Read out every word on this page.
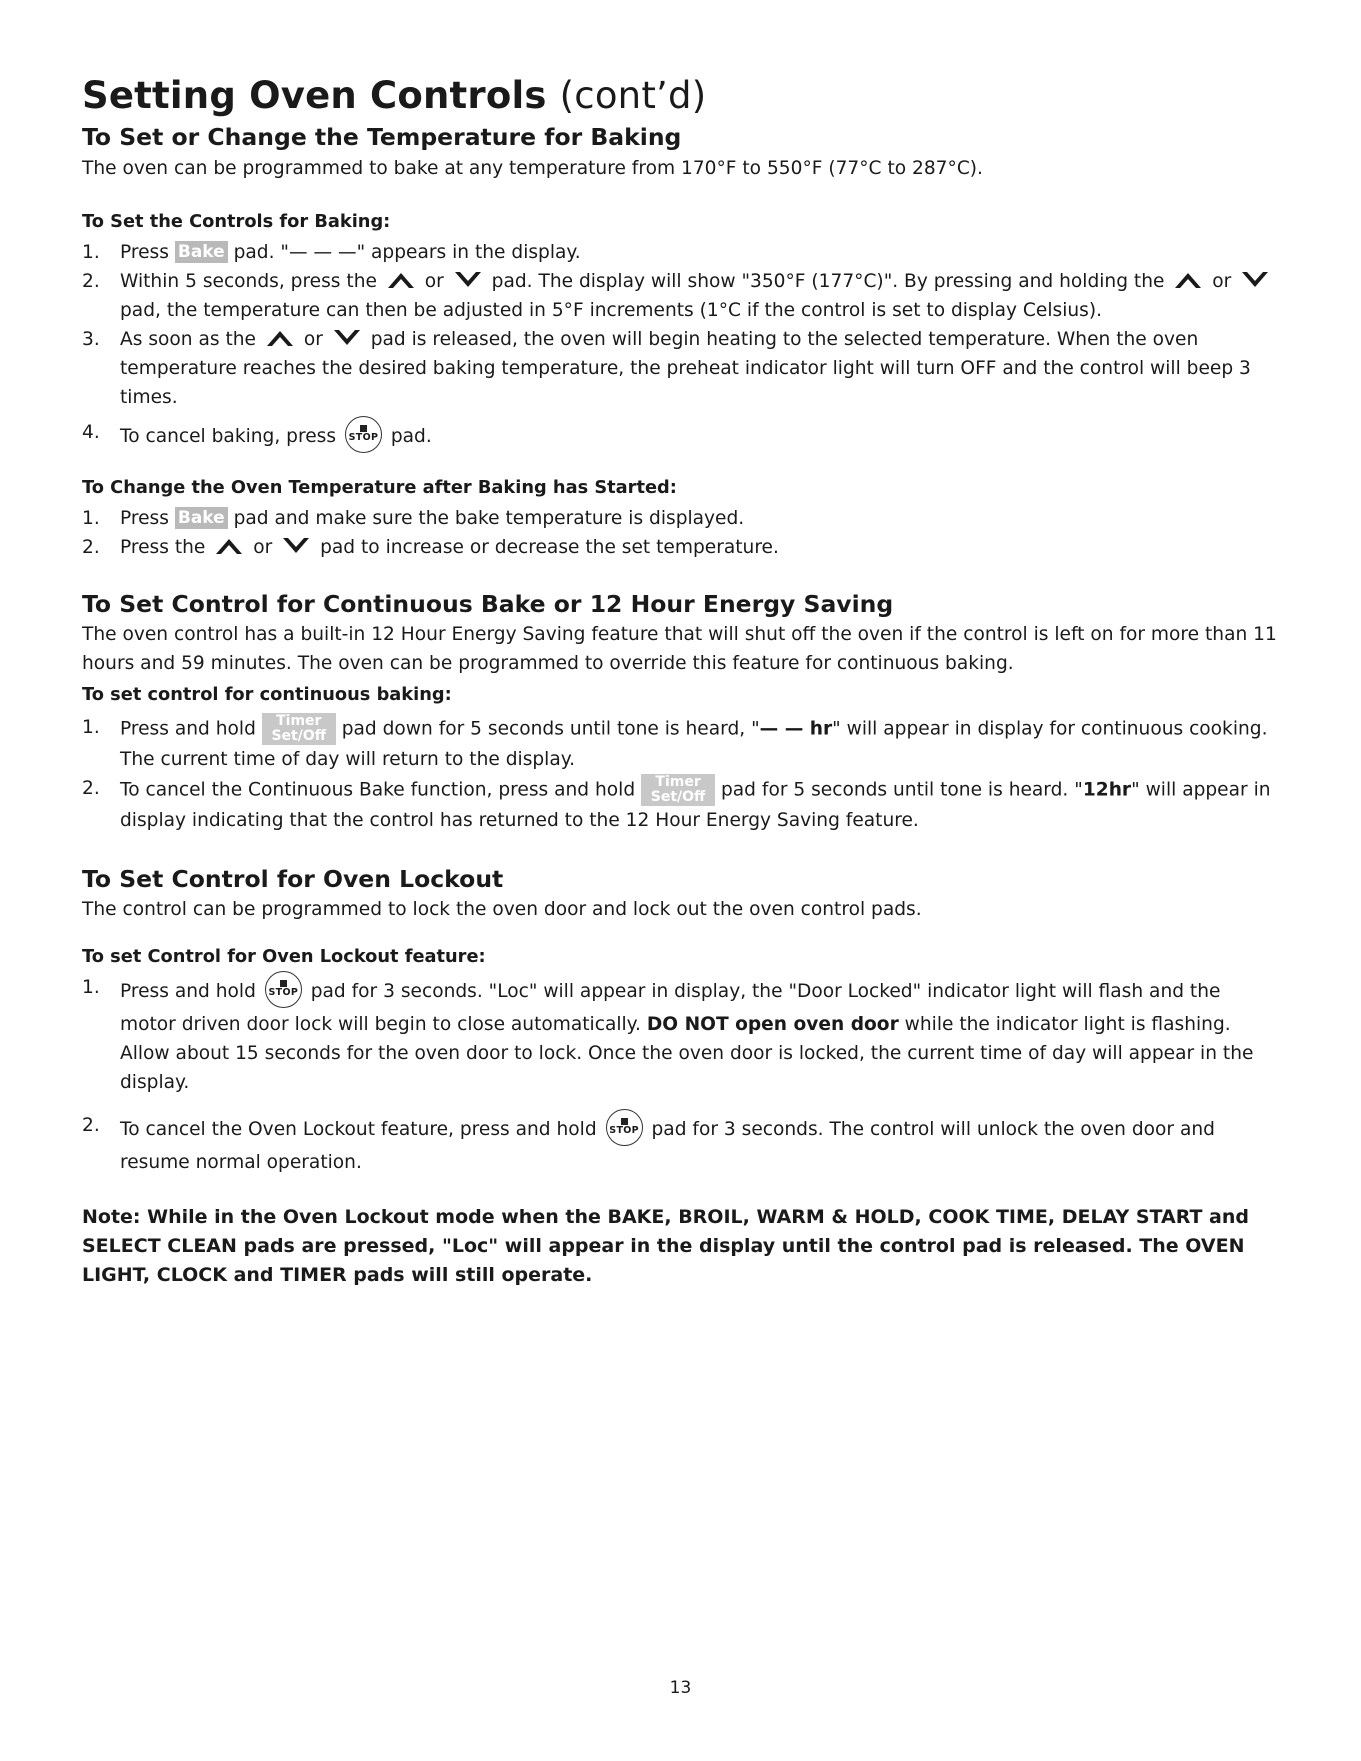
Setting Oven Controls (cont’d)
To Set or Change the Temperature for Baking

The oven can be programmed to bake at any temperature from 170°F to 550°F (77°C to 287°C).

To Set the Controls for Baking:

1. Press Bake pad. "— — —" appears in the display.
2. Within 5 seconds, press the	or	pad. The display will show "350°F (177°C)". By pressing and holding the	or  pad, the temperature can then be adjusted in 5°F increments (1°C if the control is set to display Celsius).
3. As soon as the	or	pad is released, the oven will begin heating to the selected temperature. When the oven temperature reaches the desired baking temperature, the preheat indicator light will turn OFF and the control will beep 3 times.
4. To cancel baking, press STOP pad.

To Change the Oven Temperature after Baking has Started:

1. Press Bake pad and make sure the bake temperature is displayed.
2. Press the	or	pad to increase or decrease the set temperature.
To Set Control for Continuous Bake or 12 Hour Energy Saving

The oven control has a built-in 12 Hour Energy Saving feature that will shut off the oven if the control is left on for more than 11 hours and 59 minutes. The oven can be programmed to override this feature for continuous baking.

To set control for continuous baking:

1. Press and hold	Timer
Set/Off pad down for 5 seconds until tone is heard, "— — hr" will appear in display for continuous cooking. The current time of day will return to the display.
2. To cancel the Continuous Bake function, press and hold	Timer
Set/Off pad for 5 seconds until tone is heard. "12hr" will appear in display indicating that the control has returned to the 12 Hour Energy Saving feature.
To Set Control for Oven Lockout

The control can be programmed to lock the oven door and lock out the oven control pads.

To set Control for Oven Lockout feature:

1. Press and hold STOP pad for 3 seconds. "Loc" will appear in display, the "Door Locked" indicator light will flash and the motor driven door lock will begin to close automatically. DO NOT open oven door while the indicator light is flashing. Allow about 15 seconds for the oven door to lock. Once the oven door is locked, the current time of day will appear in the display.
2. To cancel the Oven Lockout feature, press and hold STOP pad for 3 seconds. The control will unlock the oven door and resume normal operation.

Note: While in the Oven Lockout mode when the BAKE, BROIL, WARM & HOLD, COOK TIME, DELAY START and SELECT CLEAN pads are pressed, "Loc" will appear in the display until the control pad is released. The OVEN LIGHT, CLOCK and TIMER pads will still operate.

13
